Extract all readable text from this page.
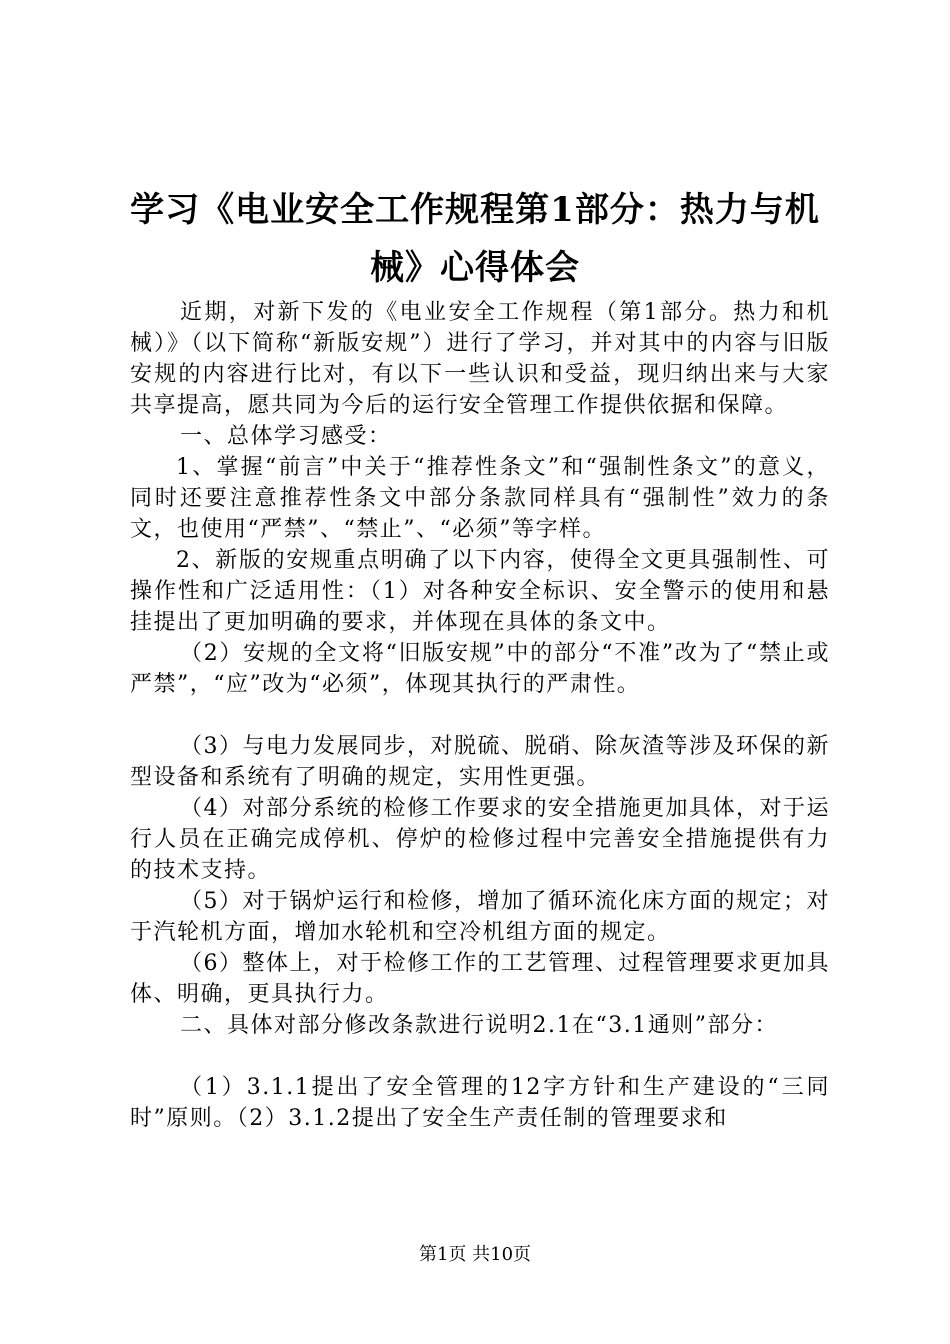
学习《电业安全工作规程第1部分：热力与机
械》心得体会

近期，对新下发的《电业安全工作规程（第1部分。热力和机械）》（以下简称“新版安规”）进行了学习，并对其中的内容与旧版安规的内容进行比对，有以下一些认识和受益，现归纳出来与大家共享提高，愿共同为今后的运行安全管理工作提供依据和保障。

一、总体学习感受：

1、掌握“前言”中关于“推荐性条文”和“强制性条文”的意义，同时还要注意推荐性条文中部分条款同样具有“强制性”效力的条文，也使用“严禁”、“禁止”、“必须”等字样。

2、新版的安规重点明确了以下内容，使得全文更具强制性、可操作性和广泛适用性：（1）对各种安全标识、安全警示的使用和悬挂提出了更加明确的要求，并体现在具体的条文中。

（2）安规的全文将“旧版安规”中的部分“不准”改为了“禁止或严禁”，“应”改为“必须”，体现其执行的严肃性。

（3）与电力发展同步，对脱硫、脱硝、除灰渣等涉及环保的新型设备和系统有了明确的规定，实用性更强。

（4）对部分系统的检修工作要求的安全措施更加具体，对于运行人员在正确完成停机、停炉的检修过程中完善安全措施提供有力的技术支持。

（5）对于锅炉运行和检修，增加了循环流化床方面的规定；对于汽轮机方面，增加水轮机和空冷机组方面的规定。

（6）整体上，对于检修工作的工艺管理、过程管理要求更加具体、明确，更具执行力。

二、具体对部分修改条款进行说明2.1在“3.1通则”部分：

（1）3.1.1提出了安全管理的12字方针和生产建设的“三同时”原则。（2）3.1.2提出了安全生产责任制的管理要求和

第1页 共10页
